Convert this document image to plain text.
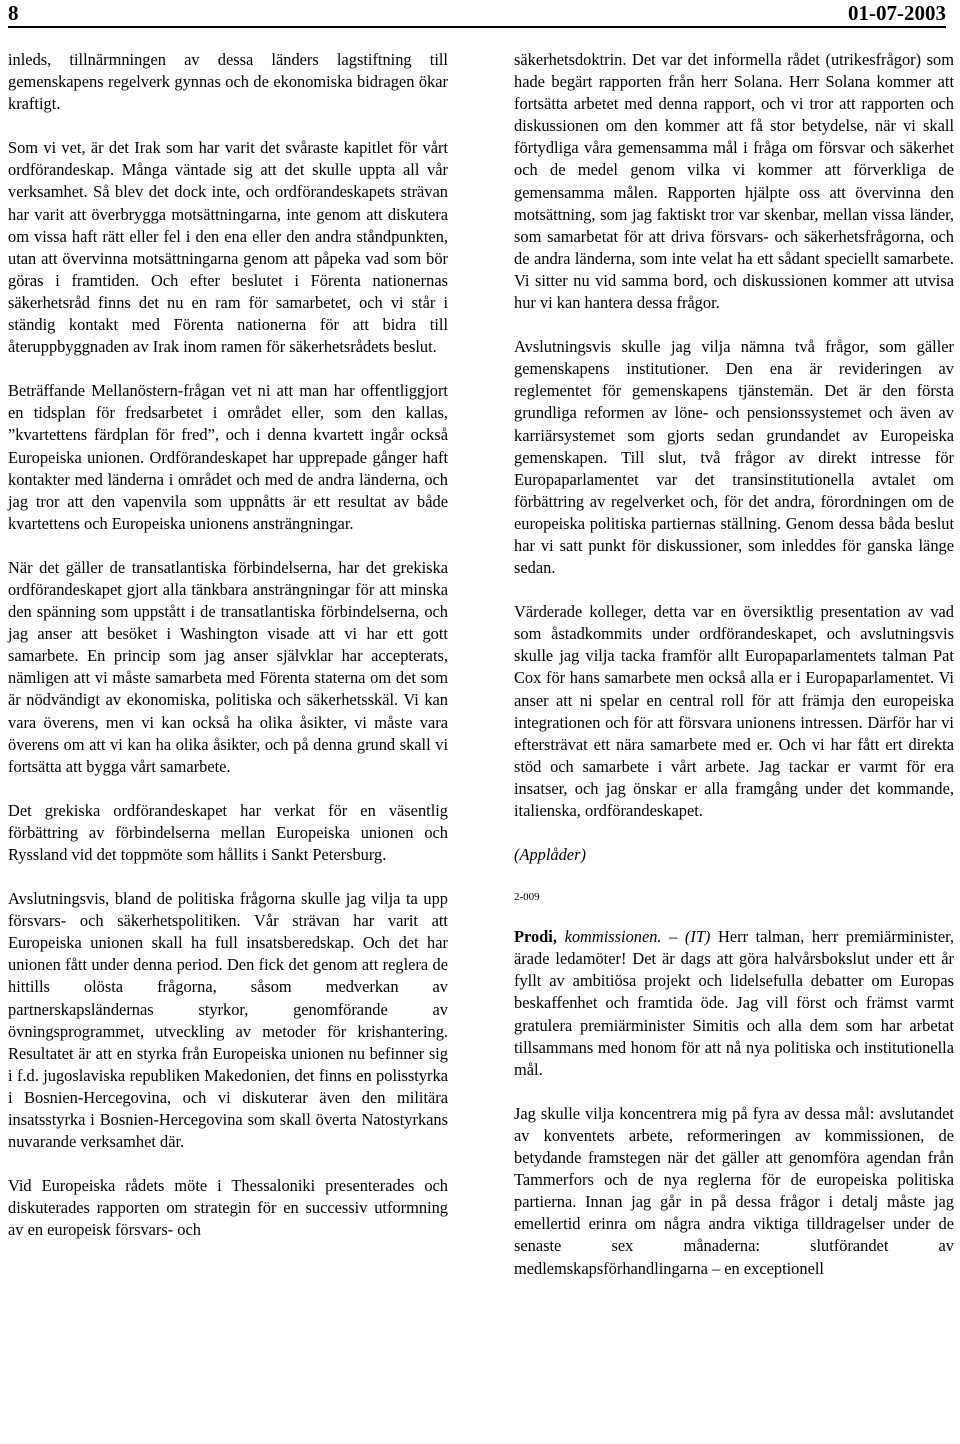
8	01-07-2003

inleds, tillnärmningen av dessa länders lagstiftning till gemenskapens regelverk gynnas och de ekonomiska bidragen ökar kraftigt.

Som vi vet, är det Irak som har varit det svåraste kapitlet för vårt ordförandeskap. Många väntade sig att det skulle uppta all vår verksamhet. Så blev det dock inte, och ordförandeskapets strävan har varit att överbrygga motsättningarna, inte genom att diskutera om vissa haft rätt eller fel i den ena eller den andra ståndpunkten, utan att övervinna motsättningarna genom att påpeka vad som bör göras i framtiden. Och efter beslutet i Förenta nationernas säkerhetsråd finns det nu en ram för samarbetet, och vi står i ständig kontakt med Förenta nationerna för att bidra till återuppbyggnaden av Irak inom ramen för säkerhetsrådets beslut.

Beträffande Mellanöstern-frågan vet ni att man har offentliggjort en tidsplan för fredsarbetet i området eller, som den kallas, ”kvartettens färdplan för fred”, och i denna kvartett ingår också Europeiska unionen. Ordförandeskapet har upprepade gånger haft kontakter med länderna i området och med de andra länderna, och jag tror att den vapenvila som uppnåtts är ett resultat av både kvartettens och Europeiska unionens ansträngningar.

När det gäller de transatlantiska förbindelserna, har det grekiska ordförandeskapet gjort alla tänkbara ansträngningar för att minska den spänning som uppstått i de transatlantiska förbindelserna, och jag anser att besöket i Washington visade att vi har ett gott samarbete. En princip som jag anser självklar har accepterats, nämligen att vi måste samarbeta med Förenta staterna om det som är nödvändigt av ekonomiska, politiska och säkerhetsskäl. Vi kan vara överens, men vi kan också ha olika åsikter, vi måste vara överens om att vi kan ha olika åsikter, och på denna grund skall vi fortsätta att bygga vårt samarbete.

Det grekiska ordförandeskapet har verkat för en väsentlig förbättring av förbindelserna mellan Europeiska unionen och Ryssland vid det toppmöte som hållits i Sankt Petersburg.

Avslutningsvis, bland de politiska frågorna skulle jag vilja ta upp försvars- och säkerhetspolitiken. Vår strävan har varit att Europeiska unionen skall ha full insatsberedskap. Och det har unionen fått under denna period. Den fick det genom att reglera de hittills olösta frågorna, såsom medverkan av partnerskapsländernas styrkor, genomförande av övningsprogrammet, utveckling av metoder för krishantering. Resultatet är att en styrka från Europeiska unionen nu befinner sig i f.d. jugoslaviska republiken Makedonien, det finns en polisstyrka i Bosnien-Hercegovina, och vi diskuterar även den militära insatsstyrka i Bosnien-Hercegovina som skall överta Natostyrkans nuvarande verksamhet där.

Vid Europeiska rådets möte i Thessaloniki presenterades och diskuterades rapporten om strategin för en successiv utformning av en europeisk försvars- och

säkerhetsdoktrin. Det var det informella rådet (utrikesfrågor) som hade begärt rapporten från herr Solana. Herr Solana kommer att fortsätta arbetet med denna rapport, och vi tror att rapporten och diskussionen om den kommer att få stor betydelse, när vi skall förtydliga våra gemensamma mål i fråga om försvar och säkerhet och de medel genom vilka vi kommer att förverkliga de gemensamma målen. Rapporten hjälpte oss att övervinna den motsättning, som jag faktiskt tror var skenbar, mellan vissa länder, som samarbetat för att driva försvars- och säkerhetsfrågorna, och de andra länderna, som inte velat ha ett sådant speciellt samarbete. Vi sitter nu vid samma bord, och diskussionen kommer att utvisa hur vi kan hantera dessa frågor.

Avslutningsvis skulle jag vilja nämna två frågor, som gäller gemenskapens institutioner. Den ena är revideringen av reglementet för gemenskapens tjänstemän. Det är den första grundliga reformen av löne- och pensionssystemet och även av karriärsystemet som gjorts sedan grundandet av Europeiska gemenskapen. Till slut, två frågor av direkt intresse för Europaparlamentet var det transinstitutionella avtalet om förbättring av regelverket och, för det andra, förordningen om de europeiska politiska partiernas ställning. Genom dessa båda beslut har vi satt punkt för diskussioner, som inleddes för ganska länge sedan.

Värderade kolleger, detta var en översiktlig presentation av vad som åstadkommits under ordförandeskapet, och avslutningsvis skulle jag vilja tacka framför allt Europaparlamentets talman Pat Cox för hans samarbete men också alla er i Europaparlamentet. Vi anser att ni spelar en central roll för att främja den europeiska integrationen och för att försvara unionens intressen. Därför har vi eftersträvat ett nära samarbete med er. Och vi har fått ert direkta stöd och samarbete i vårt arbete. Jag tackar er varmt för era insatser, och jag önskar er alla framgång under det kommande, italienska, ordförandeskapet.

(Applåder)

2-009

Prodi, kommissionen. – (IT) Herr talman, herr premiärminister, ärade ledamöter! Det är dags att göra halvårsbokslut under ett år fyllt av ambitiösa projekt och lidelsefulla debatter om Europas beskaffenhet och framtida öde. Jag vill först och främst varmt gratulera premiärminister Simitis och alla dem som har arbetat tillsammans med honom för att nå nya politiska och institutionella mål.

Jag skulle vilja koncentrera mig på fyra av dessa mål: avslutandet av konventets arbete, reformeringen av kommissionen, de betydande framstegen när det gäller att genomföra agendan från Tammerfors och de nya reglerna för de europeiska politiska partierna. Innan jag går in på dessa frågor i detalj måste jag emellertid erinra om några andra viktiga tilldragelser under de senaste sex månaderna: slutförandet av medlemskapsförhandlingarna – en exceptionell
